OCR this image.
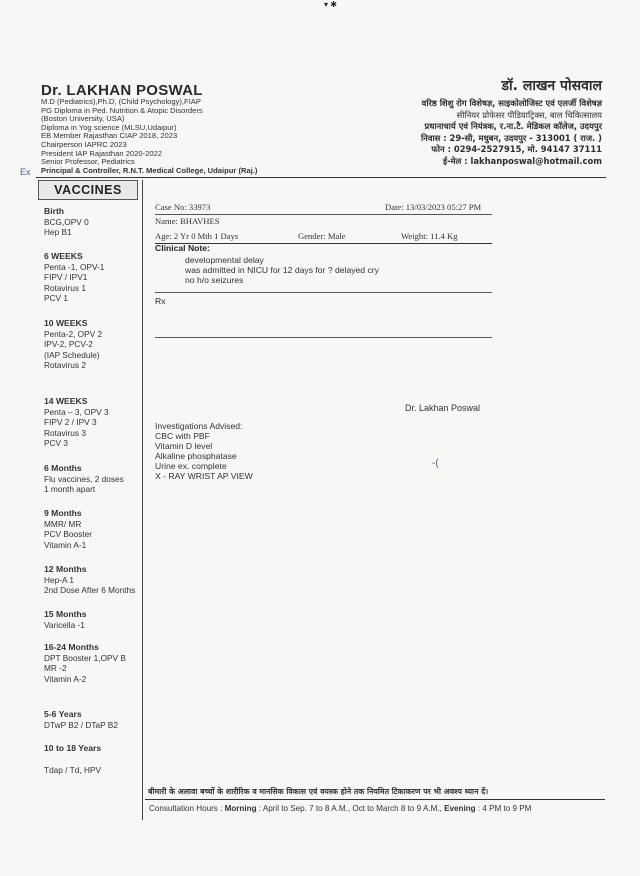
▾ ✱
Dr. LAKHAN POSWAL
M.D (Pediatrics),Ph.D, (Child Psychology),FIAP
PG Diploma in Ped. Nutrition & Atopic Disorders
(Boston University, USA)
Diploma in Yog science (MLSU,Udaipur)
EB Member Rajasthan CIAP 2018, 2023
Chairperson IAPRC 2023
President IAP Rajasthan 2020-2022
Senior Professor, Pediatrics
Principal & Controller, R.N.T. Medical College, Udaipur (Raj.)
डॉ. लाखन पोसवाल
वरिष्ठ शिशु रोग विशेषज्ञ, साइकोलोजिस्ट एवं एलर्जी विशेषज्ञ
सीनियर प्रोफेसर पीडियाट्रिक्स, बाल चिकित्सालय
प्रधानाचार्य एवं नियंत्रक, र.ना.टै. मेडिकल कॉलेज, उदयपुर
निवास : 29-सी, मधुबन, उदयपुर - 313001 ( राज. )
फोन : 0294-2527915, मो. 94147 37111
ई-मेल : lakhanposwal@hotmail.com
Ex
VACCINES
Birth
BCG,OPV 0
Hep B1
6 WEEKS
Penta -1, OPV-1
FIPV / IPV1
Rotavirus 1
PCV 1
10 WEEKS
Penta-2, OPV 2
IPV-2, PCV-2
(IAP Schedule)
Rotavirus 2
14 WEEKS
Penta – 3, OPV 3
FIPV 2 / IPV 3
Rotavirus 3
PCV 3
6 Months
Flu vaccines, 2 doses
1 month apart
9 Months
MMR/ MR
PCV Booster
Vitamin A-1
12 Months
Hep-A 1
2nd Dose After 6 Months
15 Months
Varicella -1
16-24 Months
DPT Booster 1,OPV B
MR -2
Vitamin A-2
5-6 Years
DTwP B2 / DTaP B2
10 to 18 Years
Tdap / Td, HPV
Case No: 33973	Date: 13/03/2023 05:27 PM
Name: BHAVHES
Age: 2 Yr 0 Mth 1 Days	Gender: Male	Weight: 11.4 Kg
Clinical Note:
developmental delay
was admitted in NICU for 12 days for ? delayed cry
no h/o seizures
Rx
Dr. Lakhan Poswal
Investigations Advised:
CBC with PBF
Vitamin D level
Alkaline phosphatase
Urine ex. complete
X - RAY WRIST AP VIEW
-(
बीमारी के अलावा बच्चों के शारीरिक व मानसिक विकास एवं वयस्क होने तक नियमित टिकाकरण पर भी अवश्य ध्यान दें।
Consultation Hours : Morning : April to Sep. 7 to 8 A.M., Oct to March 8 to 9 A.M., Evening : 4 PM to 9 PM
